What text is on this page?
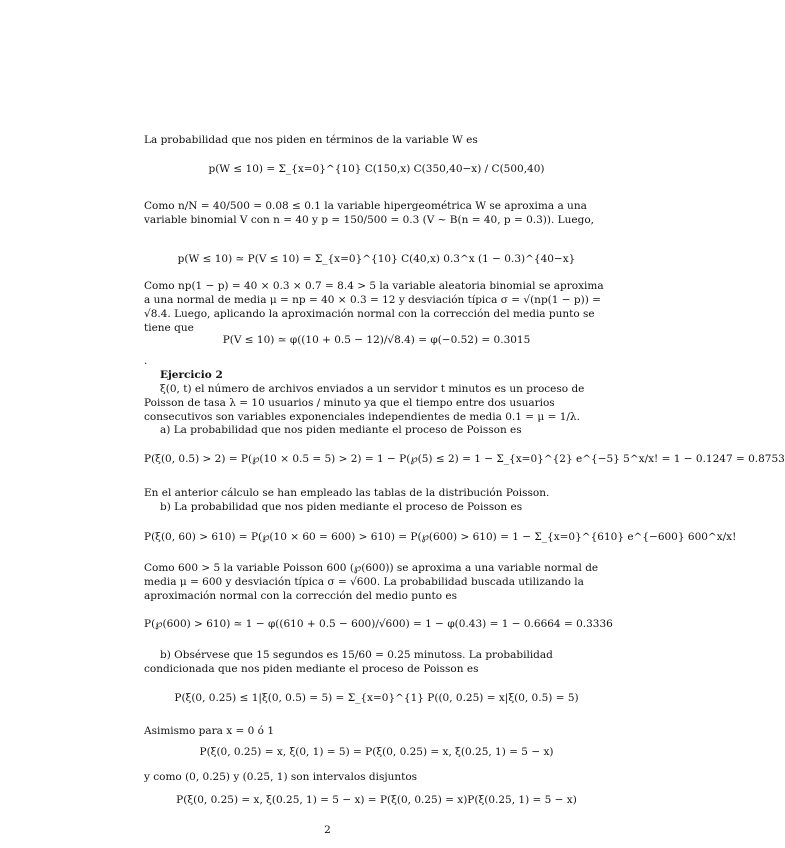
La probabilidad que nos piden en términos de la variable W es

p(W ≤ 10) = Σ_{x=0}^{10} C(150,x) C(350,40−x) / C(500,40)

Como n/N = 40/500 = 0.08 ≤ 0.1 la variable hipergeométrica W se aproxima a una variable binomial V con n = 40 y p = 150/500 = 0.3 (V ∼ B(n = 40, p = 0.3)). Luego,

p(W ≤ 10) ≃ P(V ≤ 10) = Σ_{x=0}^{10} C(40,x) 0.3^x (1 − 0.3)^{40−x}

Como np(1 − p) = 40 × 0.3 × 0.7 = 8.4 > 5 la variable aleatoria binomial se aproxima a una normal de media μ = np = 40 × 0.3 = 12 y desviación típica σ = √(np(1 − p)) = √8.4. Luego, aplicando la aproximación normal con la corrección del media punto se tiene que

P(V ≤ 10) ≃ φ((10 + 0.5 − 12)/√8.4) = φ(−0.52) = 0.3015
.
Ejercicio 2

ξ(0, t) el número de archivos enviados a un servidor t minutos es un proceso de Poisson de tasa λ = 10 usuarios / minuto ya que el tiempo entre dos usuarios consecutivos son variables exponenciales independientes de media 0.1 = μ = 1/λ.

a) La probabilidad que nos piden mediante el proceso de Poisson es

P(ξ(0, 0.5) > 2) = P(℘(10 × 0.5 = 5) > 2) = 1 − P(℘(5) ≤ 2) = 1 − Σ_{x=0}^{2} e^{−5} 5^x/x! = 1 − 0.1247 = 0.8753

En el anterior cálculo se han empleado las tablas de la distribución Poisson.

b) La probabilidad que nos piden mediante el proceso de Poisson es

P(ξ(0, 60) > 610) = P(℘(10 × 60 = 600) > 610) = P(℘(600) > 610) = 1 − Σ_{x=0}^{610} e^{−600} 600^x/x!

Como 600 > 5 la variable Poisson 600 (℘(600)) se aproxima a una variable normal de media μ = 600 y desviación típica σ = √600. La probabilidad buscada utilizando la aproximación normal con la corrección del medio punto es

P(℘(600) > 610) ≃ 1 − φ((610 + 0.5 − 600)/√600) = 1 − φ(0.43) = 1 − 0.6664 = 0.3336

b) Obsérvese que 15 segundos es 15/60 = 0.25 minutoss. La probabilidad condicionada que nos piden mediante el proceso de Poisson es

P(ξ(0, 0.25) ≤ 1|ξ(0, 0.5) = 5) = Σ_{x=0}^{1} P((0, 0.25) = x|ξ(0, 0.5) = 5)

Asimismo para x = 0 ó 1

P(ξ(0, 0.25) = x, ξ(0, 1) = 5) = P(ξ(0, 0.25) = x, ξ(0.25, 1) = 5 − x)

y como (0, 0.25) y (0.25, 1) son intervalos disjuntos

P(ξ(0, 0.25) = x, ξ(0.25, 1) = 5 − x) = P(ξ(0, 0.25) = x)P(ξ(0.25, 1) = 5 − x)
2
